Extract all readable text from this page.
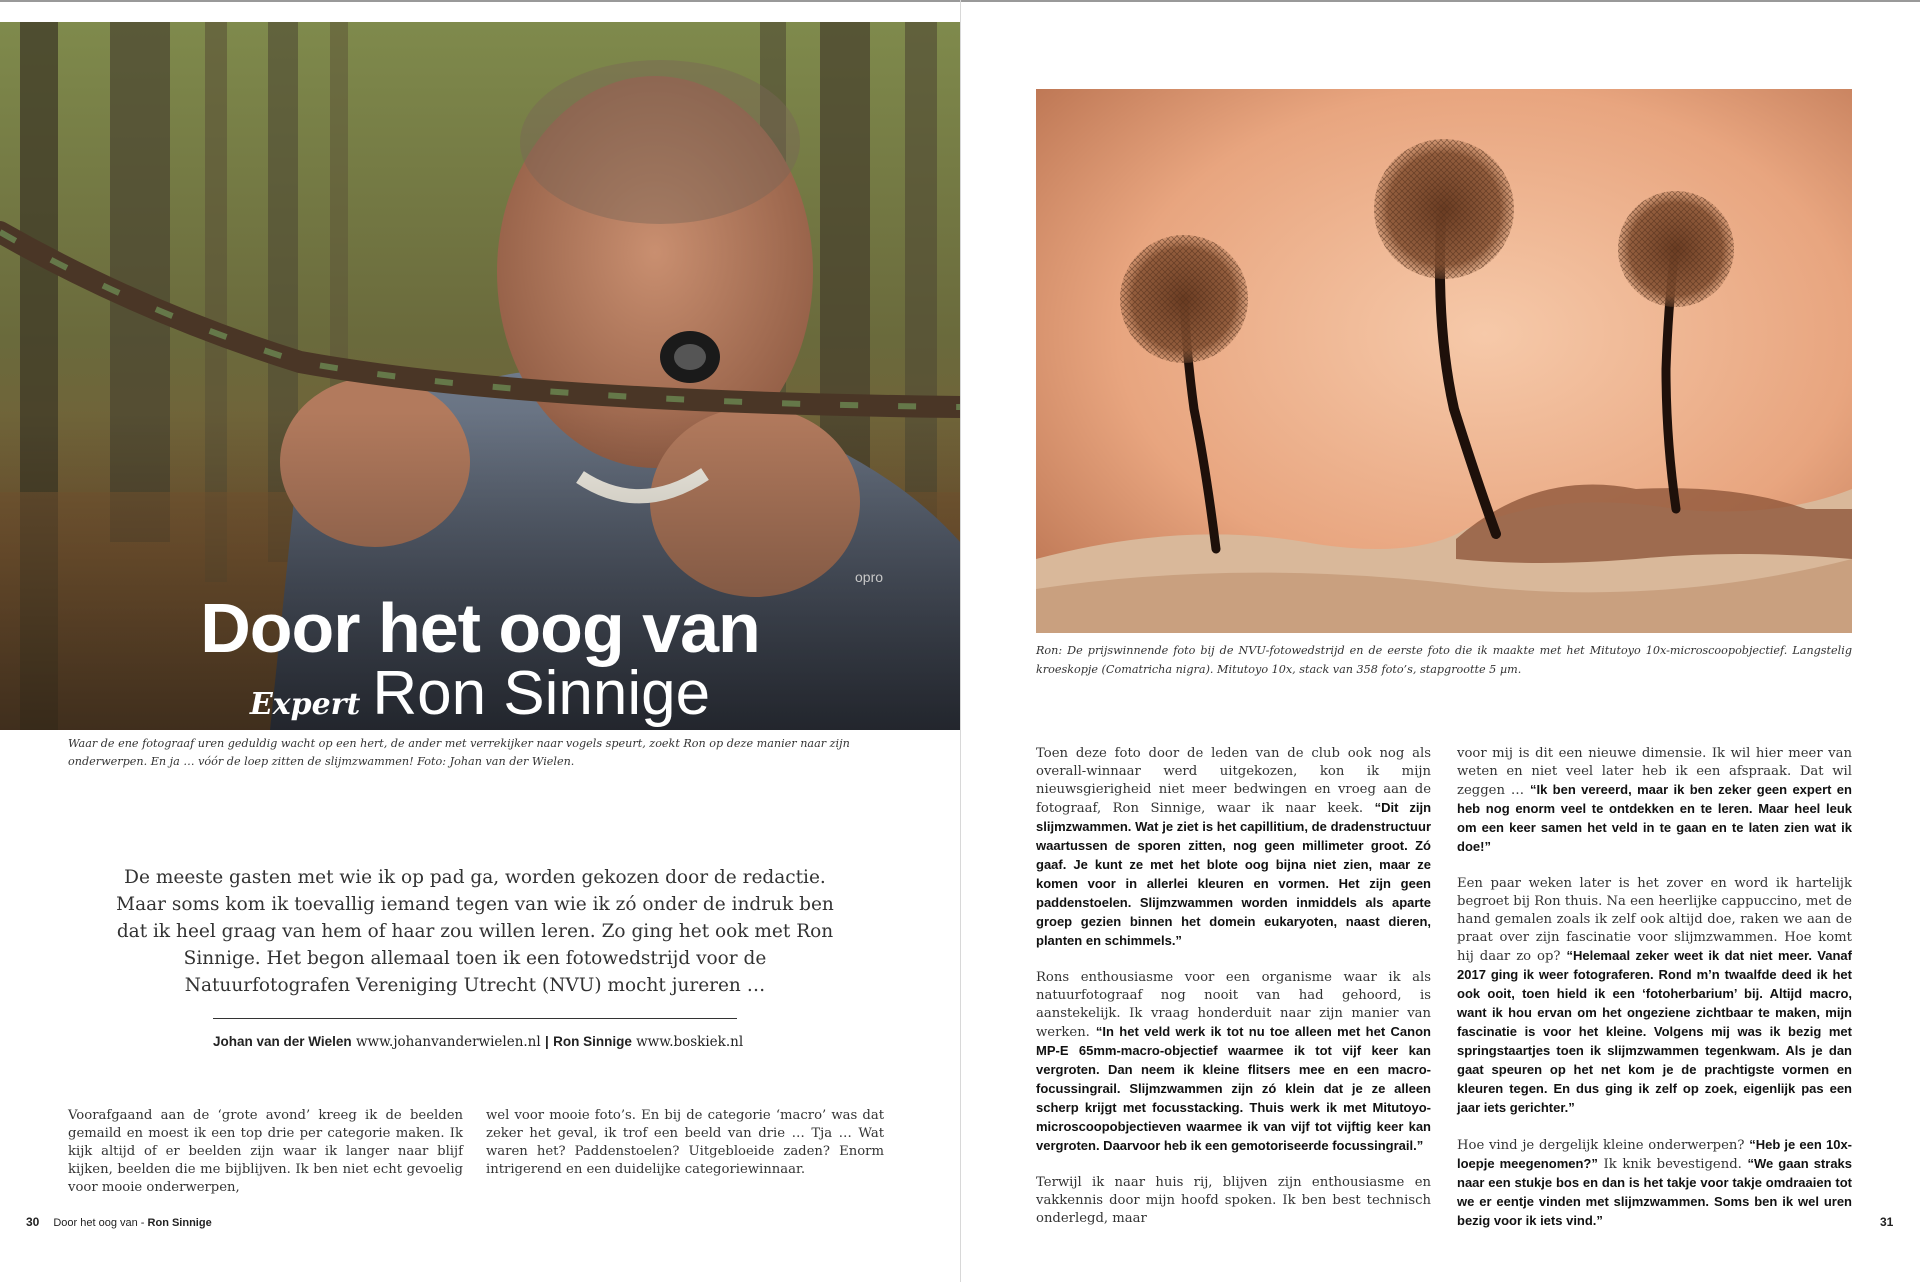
opro
Door het oog van
Expert Ron Sinnige
Waar de ene fotograaf uren geduldig wacht op een hert, de ander met verrekijker naar vogels speurt, zoekt Ron op deze manier naar zijn onderwerpen. En ja … vóór de loep zitten de slijmzwammen! Foto: Johan van der Wielen.
De meeste gasten met wie ik op pad ga, worden gekozen door de redactie. Maar soms kom ik toevallig iemand tegen van wie ik zó onder de indruk ben dat ik heel graag van hem of haar zou willen leren. Zo ging het ook met Ron Sinnige. Het begon allemaal toen ik een fotowedstrijd voor de Natuurfotografen Vereniging Utrecht (NVU) mocht jureren …
Johan van der Wielen www.johanvanderwielen.nl | Ron Sinnige www.boskiek.nl

Voorafgaand aan de ‘grote avond’ kreeg ik de beelden gemaild en moest ik een top drie per categorie maken. Ik kijk altijd of er beelden zijn waar ik langer naar blijf kijken, beelden die me bijblijven. Ik ben niet echt gevoelig voor mooie onderwerpen,

wel voor mooie foto’s. En bij de categorie ‘macro’ was dat zeker het geval, ik trof een beeld van drie … Tja … Wat waren het? Paddenstoelen? Uitgebloeide zaden? Enorm intrigerend en een duidelijke categoriewinnaar.

30 Door het oog van - Ron Sinnige
Ron: De prijswinnende foto bij de NVU-fotowedstrijd en de eerste foto die ik maakte met het Mitutoyo 10x-microscoopobjectief. Langstelig kroeskopje (Comatricha nigra). Mitutoyo 10x, stack van 358 foto’s, stapgrootte 5 µm.

Toen deze foto door de leden van de club ook nog als overall-winnaar werd uitgekozen, kon ik mijn nieuwsgierigheid niet meer bedwingen en vroeg aan de fotograaf, Ron Sinnige, waar ik naar keek. “Dit zijn slijmzwammen. Wat je ziet is het capillitium, de dradenstructuur waartussen de sporen zitten, nog geen millimeter groot. Zó gaaf. Je kunt ze met het blote oog bijna niet zien, maar ze komen voor in allerlei kleuren en vormen. Het zijn geen paddenstoelen. Slijmzwammen worden inmiddels als aparte groep gezien binnen het domein eukaryoten, naast dieren, planten en schimmels.”

Rons enthousiasme voor een organisme waar ik als natuurfotograaf nog nooit van had gehoord, is aanstekelijk. Ik vraag honderduit naar zijn manier van werken. “In het veld werk ik tot nu toe alleen met het Canon MP-E 65mm-macro-objectief waarmee ik tot vijf keer kan vergroten. Dan neem ik kleine flitsers mee en een macro-focussingrail. Slijmzwammen zijn zó klein dat je ze alleen scherp krijgt met focusstacking. Thuis werk ik met Mitutoyo-microscoopobjectieven waarmee ik van vijf tot vijftig keer kan vergroten. Daarvoor heb ik een gemotoriseerde focussingrail.”

Terwijl ik naar huis rij, blijven zijn enthousiasme en vakkennis door mijn hoofd spoken. Ik ben best technisch onderlegd, maar

voor mij is dit een nieuwe dimensie. Ik wil hier meer van weten en niet veel later heb ik een afspraak. Dat wil zeggen … “Ik ben vereerd, maar ik ben zeker geen expert en heb nog enorm veel te ontdekken en te leren. Maar heel leuk om een keer samen het veld in te gaan en te laten zien wat ik doe!”

Een paar weken later is het zover en word ik hartelijk begroet bij Ron thuis. Na een heerlijke cappuccino, met de hand gemalen zoals ik zelf ook altijd doe, raken we aan de praat over zijn fascinatie voor slijmzwammen. Hoe komt hij daar zo op? “Helemaal zeker weet ik dat niet meer. Vanaf 2017 ging ik weer fotograferen. Rond m’n twaalfde deed ik het ook ooit, toen hield ik een ‘fotoherbarium’ bij. Altijd macro, want ik hou ervan om het ongeziene zichtbaar te maken, mijn fascinatie is voor het kleine. Volgens mij was ik bezig met springstaartjes toen ik slijmzwammen tegenkwam. Als je dan gaat speuren op het net kom je de prachtigste vormen en kleuren tegen. En dus ging ik zelf op zoek, eigenlijk pas een jaar iets gerichter.”

Hoe vind je dergelijk kleine onderwerpen? “Heb je een 10x-loepje meegenomen?” Ik knik bevestigend. “We gaan straks naar een stukje bos en dan is het takje voor takje omdraaien tot we er eentje vinden met slijmzwammen. Soms ben ik wel uren bezig voor ik iets vind.”	31
